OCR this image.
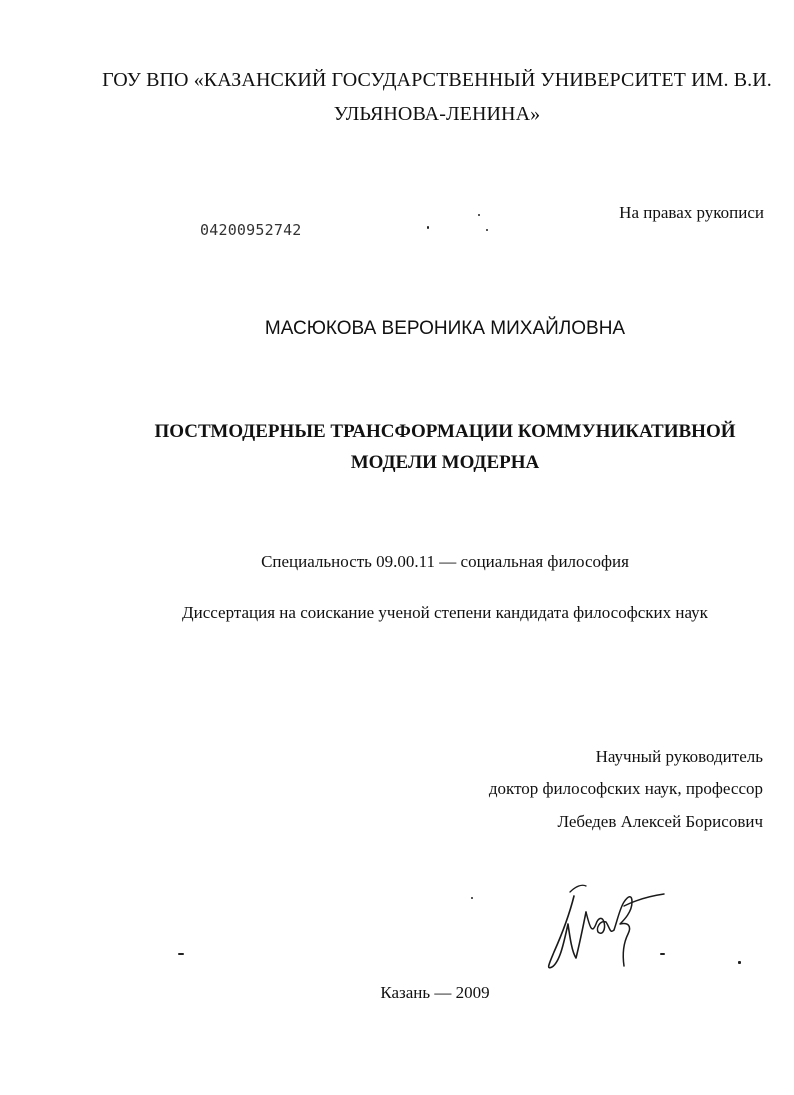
ГОУ ВПО «КАЗАНСКИЙ ГОСУДАРСТВЕННЫЙ УНИВЕРСИТЕТ ИМ. В.И.
УЛЬЯНОВА-ЛЕНИНА»
На правах рукописи
04200952742
МАСЮКОВА ВЕРОНИКА МИХАЙЛОВНА
ПОСТМОДЕРНЫЕ ТРАНСФОРМАЦИИ КОММУНИКАТИВНОЙ
МОДЕЛИ МОДЕРНА
Специальность 09.00.11 — социальная философия
Диссертация на соискание ученой степени кандидата философских наук
Научный руководитель
доктор философских наук, профессор
Лебедев Алексей Борисович
Казань — 2009
